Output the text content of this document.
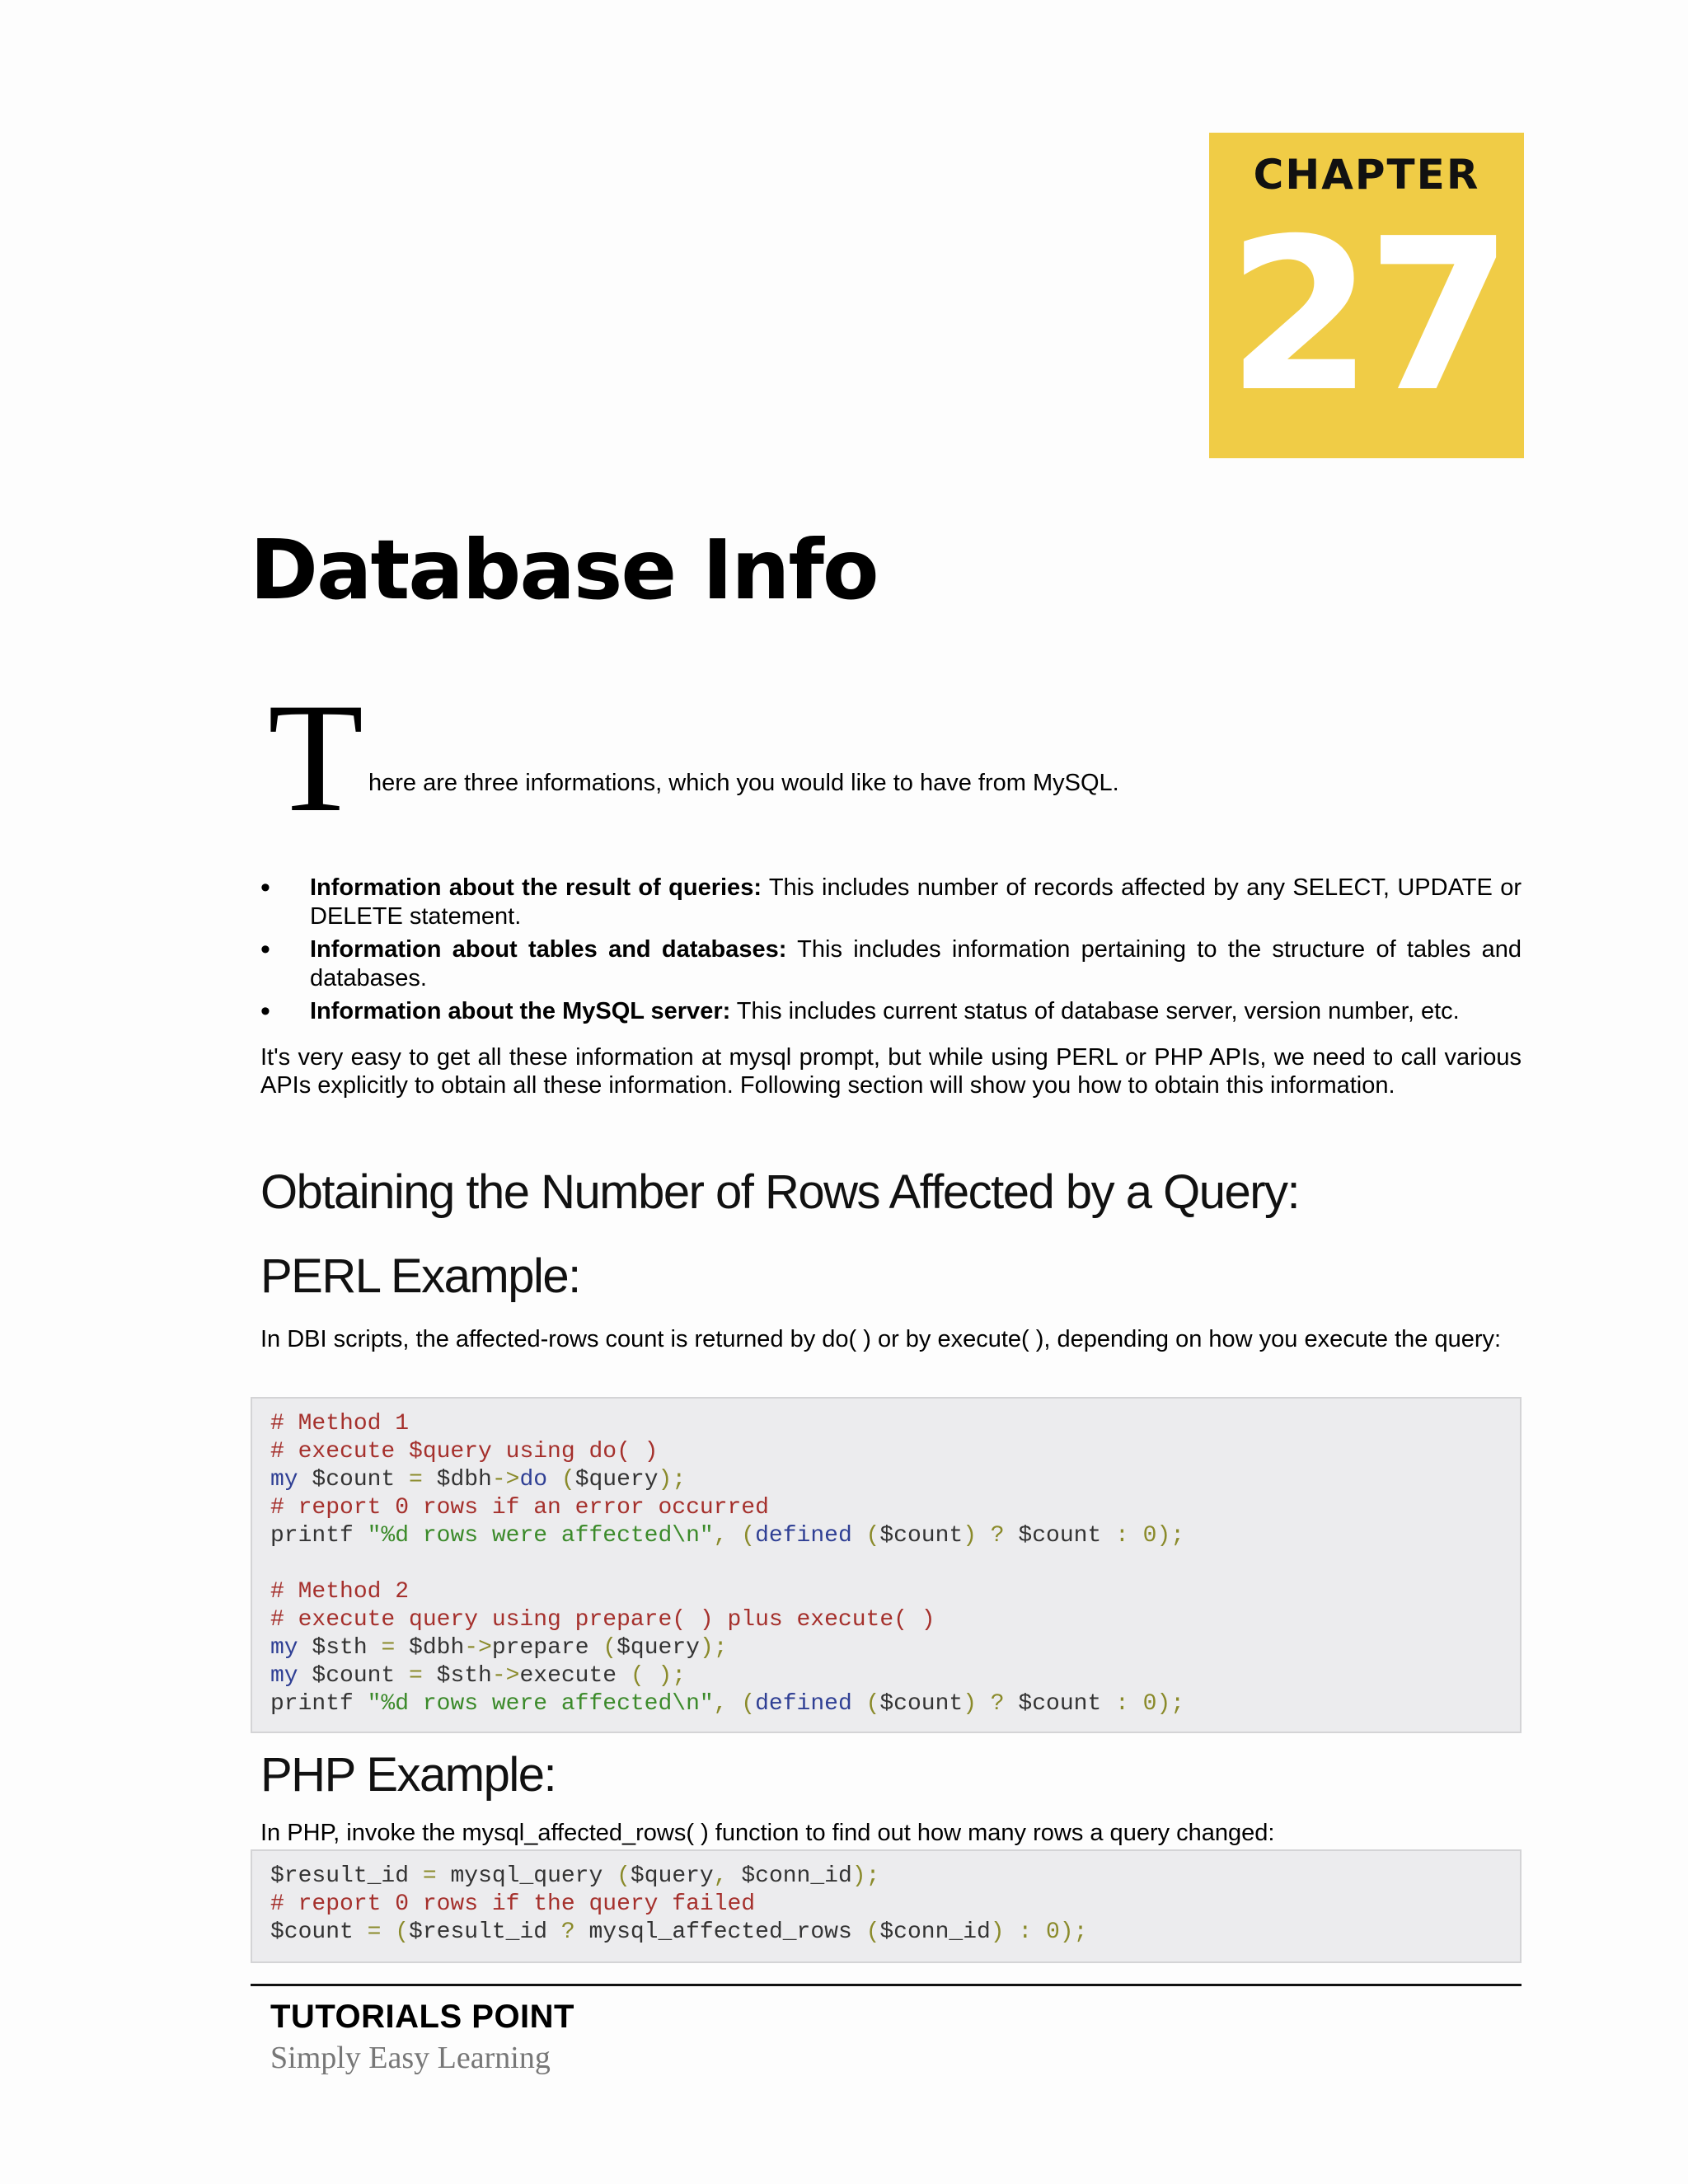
CHAPTER
27
Database Info
T here are three informations, which you would like to have from MySQL.
• Information about the result of queries: This includes number of records affected by any SELECT, UPDATE or DELETE statement.
• Information about tables and databases: This includes information pertaining to the structure of tables and databases.
• Information about the MySQL server: This includes current status of database server, version number, etc.

It's very easy to get all these information at mysql prompt, but while using PERL or PHP APIs, we need to call various APIs explicitly to obtain all these information. Following section will show you how to obtain this information.

Obtaining the Number of Rows Affected by a Query:
PERL Example:

In DBI scripts, the affected-rows count is returned by do( ) or by execute( ), depending on how you execute the query:

# Method 1
# execute $query using do( )
my $count = $dbh->do ($query);
# report 0 rows if an error occurred
printf "%d rows were affected\n", (defined ($count) ? $count : 0);

# Method 2
# execute query using prepare( ) plus execute( )
my $sth = $dbh->prepare ($query);
my $count = $sth->execute ( );
printf "%d rows were affected\n", (defined ($count) ? $count : 0);
PHP Example:

In PHP, invoke the mysql_affected_rows( ) function to find out how many rows a query changed:

$result_id = mysql_query ($query, $conn_id);
# report 0 rows if the query failed
$count = ($result_id ? mysql_affected_rows ($conn_id) : 0);
TUTORIALS POINT
Simply Easy Learning
